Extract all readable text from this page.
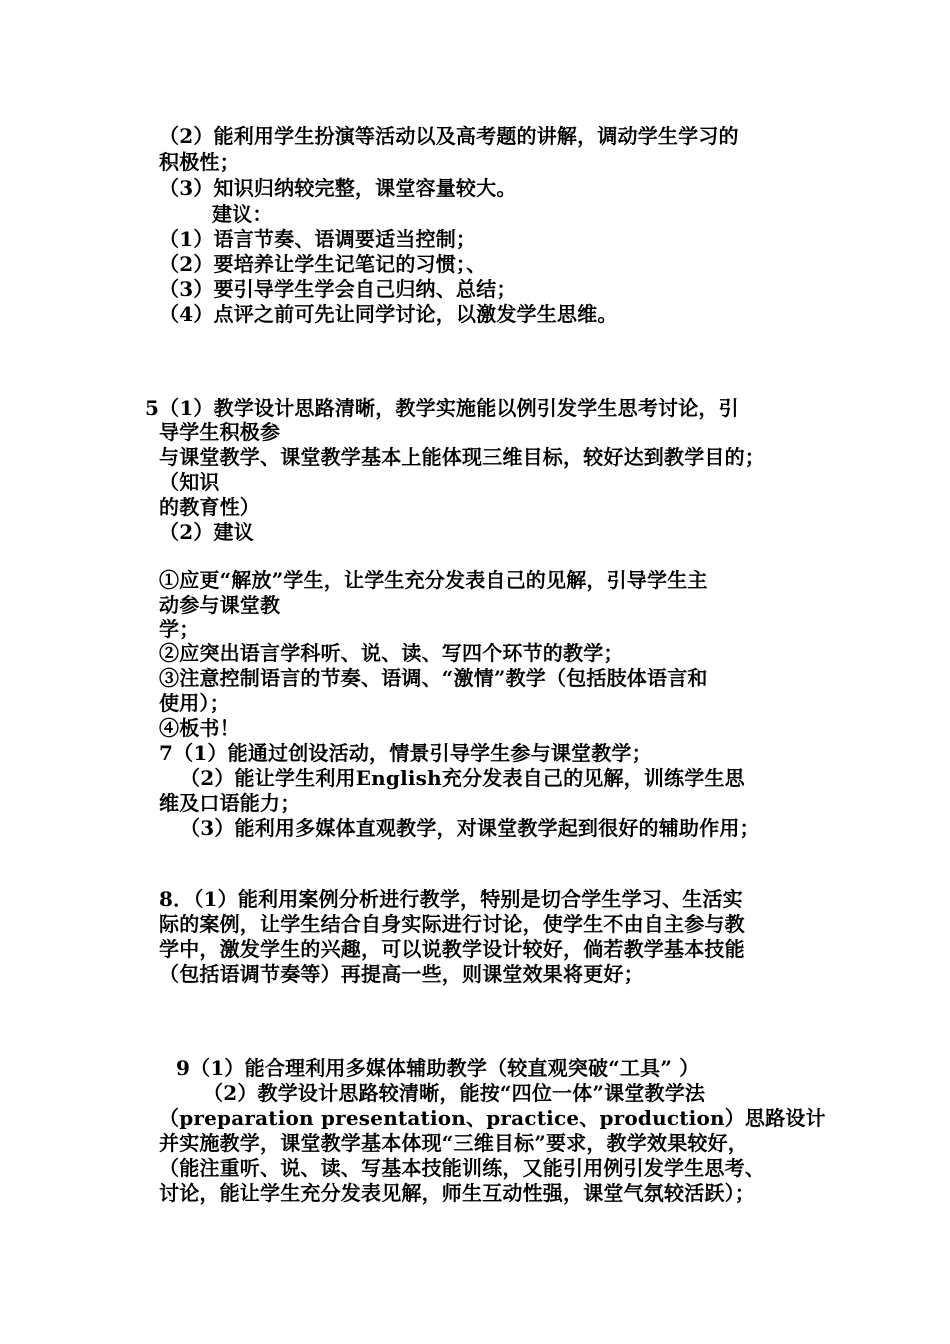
（2）能利用学生扮演等活动以及高考题的讲解，调动学生学习的
积极性；
（3）知识归纳较完整，课堂容量较大。
建议：
（1）语言节奏、语调要适当控制；
（2）要培养让学生记笔记的习惯；、
（3）要引导学生学会自己归纳、总结；
（4）点评之前可先让同学讨论，以激发学生思维。
5（1）教学设计思路清晰，教学实施能以例引发学生思考讨论，引
导学生积极参
与课堂教学、课堂教学基本上能体现三维目标，较好达到教学目的；
（知识
的教育性）
（2）建议
①应更“解放”学生，让学生充分发表自己的见解，引导学生主
动参与课堂教
学；
②应突出语言学科听、说、读、写四个环节的教学；
③注意控制语言的节奏、语调、“激情”教学（包括肢体语言和
使用）；
④板书！
7（1）能通过创设活动，情景引导学生参与课堂教学；
（2）能让学生利用English充分发表自己的见解，训练学生思
维及口语能力；
（3）能利用多媒体直观教学，对课堂教学起到很好的辅助作用；
8．（1）能利用案例分析进行教学，特别是切合学生学习、生活实
际的案例，让学生结合自身实际进行讨论，使学生不由自主参与教
学中，激发学生的兴趣，可以说教学设计较好，倘若教学基本技能
（包括语调节奏等）再提高一些，则课堂效果将更好；
9（1）能合理利用多媒体辅助教学（较直观突破“工具” ）
（2）教学设计思路较清晰，能按“四位一体”课堂教学法
（preparation presentation、practice、production）思路设计
并实施教学，课堂教学基本体现“三维目标”要求，教学效果较好，
（能注重听、说、读、写基本技能训练，又能引用例引发学生思考、
讨论，能让学生充分发表见解，师生互动性强，课堂气氛较活跃）；
